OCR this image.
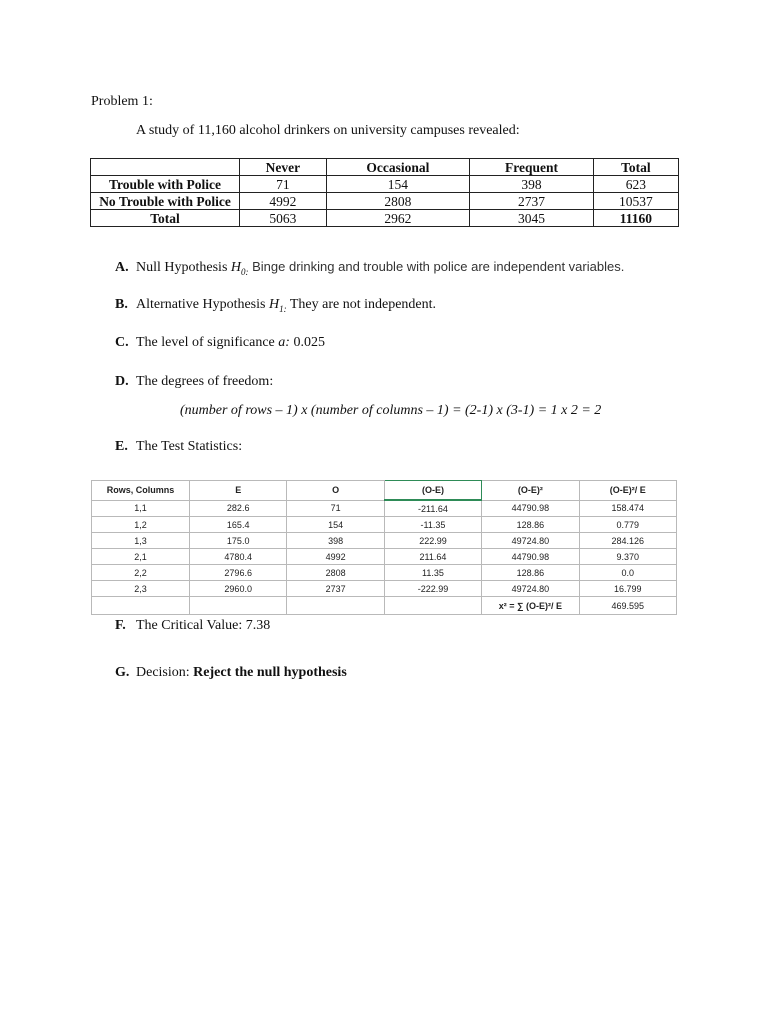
Problem 1:
A study of 11,160 alcohol drinkers on university campuses revealed:
	Never	Occasional	Frequent	Total
Trouble with Police	71	154	398	623
No Trouble with Police	4992	2808	2737	10537
Total	5063	2962	3045	11160
A. Null Hypothesis $H_{0:}$ Binge drinking and trouble with police are independent variables.
B. Alternative Hypothesis $H_{1:}$ They are not independent.
C. The level of significance a: 0.025
D. The degrees of freedom:
(number of rows – 1) x (number of columns – 1) = (2-1) x (3-1) = 1 x 2 = 2
E. The Test Statistics:
Rows, Columns	E	O	(O-E)	(O-E)²	(O-E)²/ E
1,1	282.6	71	-211.64	44790.98	158.474
1,2	165.4	154	-11.35	128.86	0.779
1,3	175.0	398	222.99	49724.80	284.126
2,1	4780.4	4992	211.64	44790.98	9.370
2,2	2796.6	2808	11.35	128.86	0.0
2,3	2960.0	2737	-222.99	49724.80	16.799
				x² = ∑ (O-E)²/ E	469.595
F. The Critical Value: 7.38
G. Decision: Reject the null hypothesis
